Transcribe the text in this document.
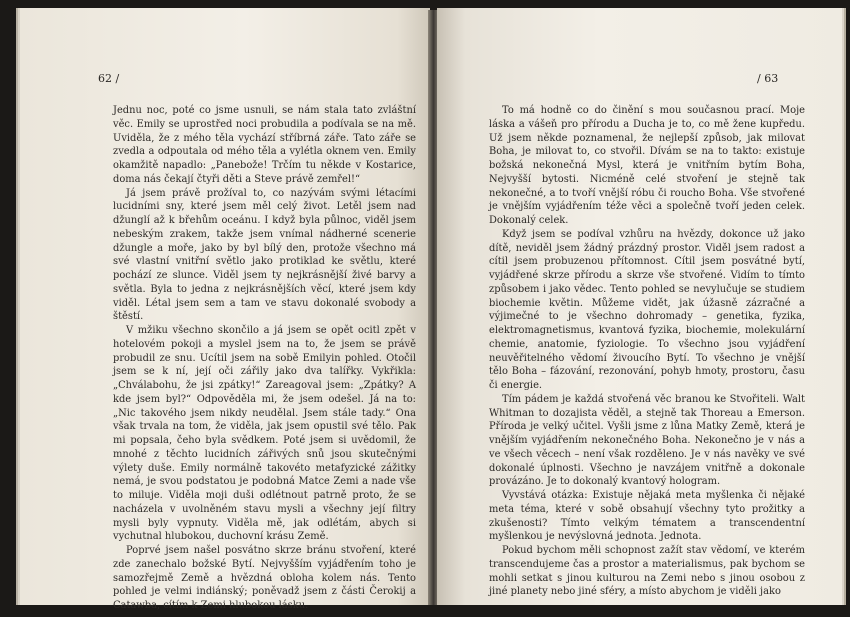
62 /

Jednu noc, poté co jsme usnuli, se nám stala tato zvláštní věc. Emily se uprostřed noci probudila a podívala se na mě. Uviděla, že z mého těla vychází stříbrná záře. Tato záře se zvedla a odpoutala od mého těla a vylétla oknem ven. Emily okamžitě napadlo: „Panebože! Trčím tu někde v Kostarice, doma nás čekají čtyři děti a Steve právě zemřel!“

Já jsem právě prožíval to, co nazývám svými létacími lucidními sny, které jsem měl celý život. Letěl jsem nad džunglí až k břehům oceánu. I když byla půlnoc, viděl jsem nebeským zrakem, takže jsem vnímal nádherné scenerie džungle a moře, jako by byl bílý den, protože všechno má své vlastní vnitřní světlo jako protiklad ke světlu, které pochází ze slunce. Viděl jsem ty nejkrásnější živé barvy a světla. Byla to jedna z nejkrásnějších věcí, které jsem kdy viděl. Létal jsem sem a tam ve stavu dokonalé svobody a štěstí.

V mžiku všechno skončilo a já jsem se opět ocitl zpět v hotelovém pokoji a myslel jsem na to, že jsem se právě probudil ze snu. Ucítil jsem na sobě Emilyin pohled. Otočil jsem se k ní, její oči zářily jako dva talířky. Vykřikla: „Chválabohu, že jsi zpátky!“ Zareagoval jsem: „Zpátky? A kde jsem byl?“ Odpověděla mi, že jsem odešel. Já na to: „Nic takového jsem nikdy neudělal. Jsem stále tady.“ Ona však trvala na tom, že viděla, jak jsem opustil své tělo. Pak mi popsala, čeho byla svědkem. Poté jsem si uvědomil, že mnohé z těchto lucidních zářivých snů jsou skutečnými výlety duše. Emily normálně takovéto metafyzické zážitky nemá, je svou podstatou je podobná Matce Zemi a nade vše to miluje. Viděla moji duši odlétnout patrně proto, že se nacházela v uvolněném stavu mysli a všechny její filtry mysli byly vypnuty. Viděla mě, jak odlétám, abych si vychutnal hlubokou, duchovní krásu Země.

Poprvé jsem našel posvátno skrze bránu stvoření, které zde zanechalo božské Bytí. Nejvyšším vyjádřením toho je samozřejmě Země a hvězdná obloha kolem nás. Tento pohled je velmi indiánský; poněvadž jsem z části Čerokij a Catawba, cítím k Zemi hlubokou lásku.

/ 63

To má hodně co do činění s mou současnou prací. Moje láska a vášeň pro přírodu a Ducha je to, co mě žene kupředu. Už jsem někde poznamenal, že nejlepší způsob, jak milovat Boha, je milovat to, co stvořil. Dívám se na to takto: existuje božská nekonečná Mysl, která je vnitřním bytím Boha, Nejvyšší bytosti. Nicméně celé stvoření je stejně tak nekonečné, a to tvoří vnější róbu či roucho Boha. Vše stvořené je vnějším vyjádřením téže věci a společně tvoří jeden celek. Dokonalý celek.

Když jsem se podíval vzhůru na hvězdy, dokonce už jako dítě, neviděl jsem žádný prázdný prostor. Viděl jsem radost a cítil jsem probuzenou přítomnost. Cítil jsem posvátné bytí, vyjádřené skrze přírodu a skrze vše stvořené. Vidím to tímto způsobem i jako vědec. Tento pohled se nevylučuje se studiem biochemie květin. Můžeme vidět, jak úžasně zázračné a výjimečné to je všechno dohromady – genetika, fyzika, elektromagnetismus, kvantová fyzika, biochemie, molekulární chemie, anatomie, fyziologie. To všechno jsou vyjádření neuvěřitelného vědomí živoucího Bytí. To všechno je vnější tělo Boha – fázování, rezonování, pohyb hmoty, prostoru, času či energie.

Tím pádem je každá stvořená věc branou ke Stvořiteli. Walt Whitman to dozajista věděl, a stejně tak Thoreau a Emerson. Příroda je velký učitel. Vyšli jsme z lůna Matky Země, která je vnějším vyjádřením nekonečného Boha. Nekonečno je v nás a ve všech věcech – není však rozděleno. Je v nás navěky ve své dokonalé úplnosti. Všechno je navzájem vnitřně a dokonale provázáno. Je to dokonalý kvantový hologram.

Vyvstává otázka: Existuje nějaká meta myšlenka či nějaké meta téma, které v sobě obsahují všechny tyto prožitky a zkušenosti? Tímto velkým tématem a transcendentní myšlenkou je nevýslovná jednota. Jednota.

Pokud bychom měli schopnost zažít stav vědomí, ve kterém transcendujeme čas a prostor a materialismus, pak bychom se mohli setkat s jinou kulturou na Zemi nebo s jinou osobou z jiné planety nebo jiné sféry, a místo abychom je viděli jako
